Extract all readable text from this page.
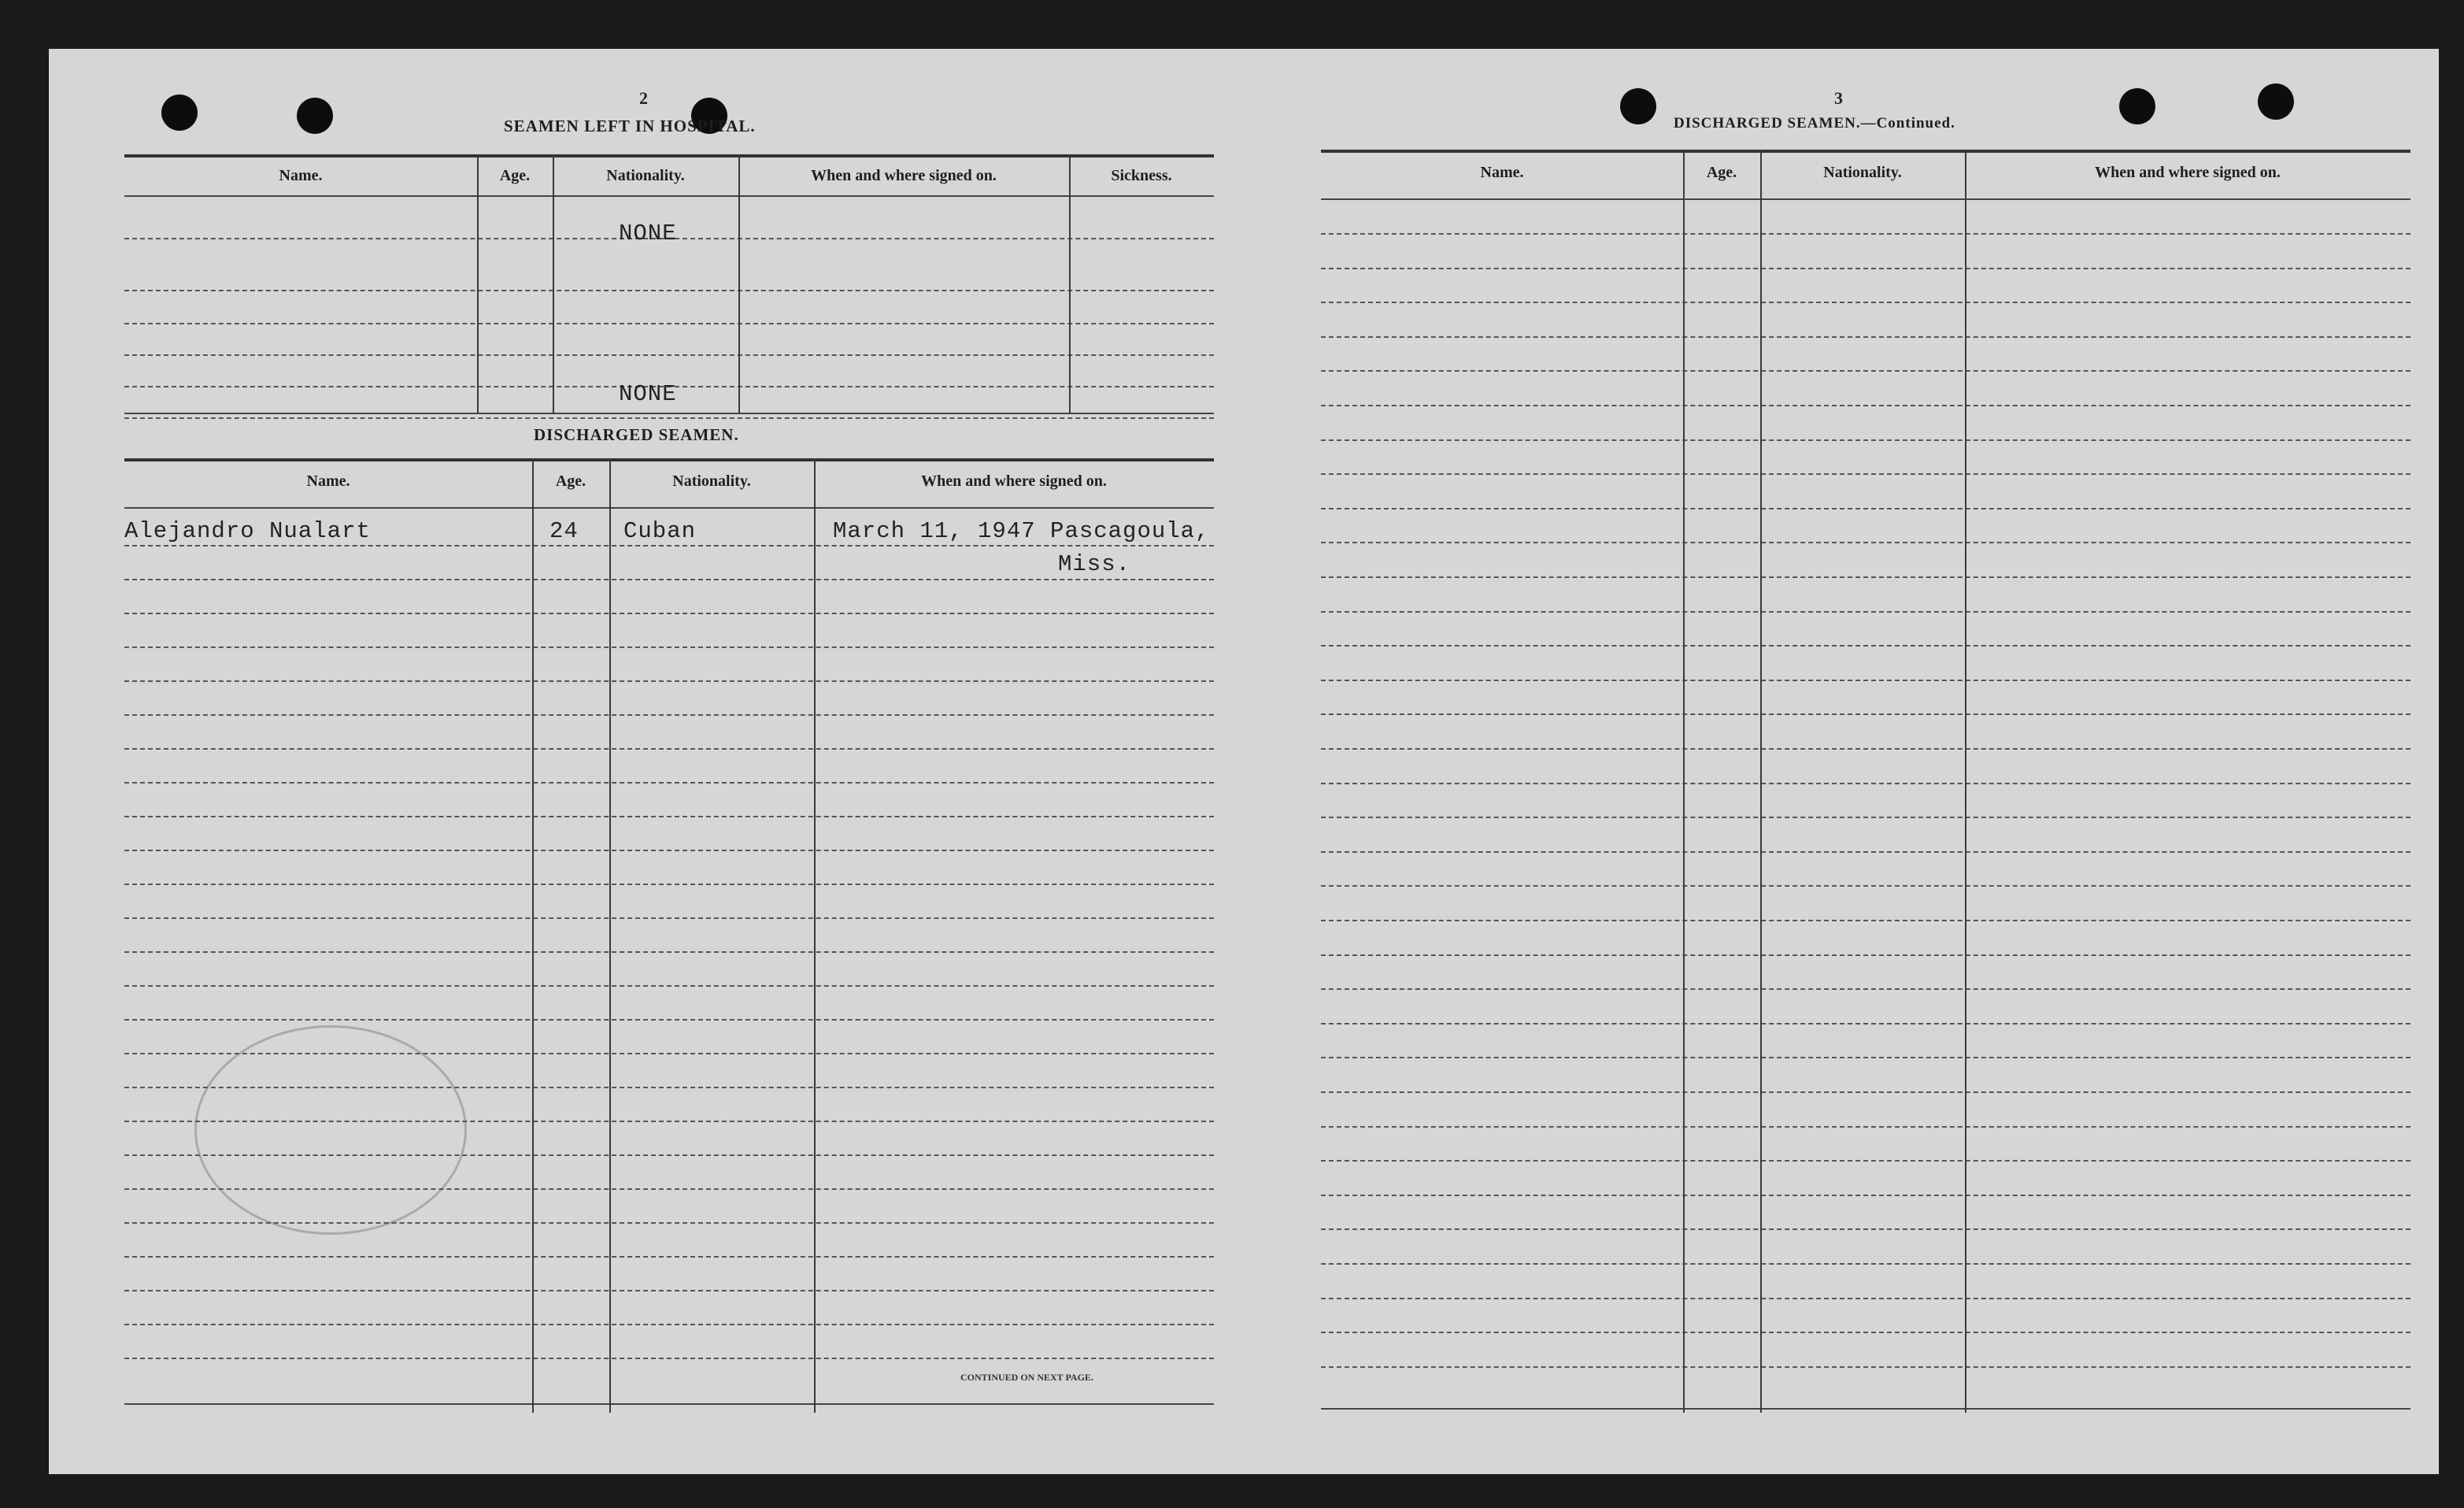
2
SEAMEN LEFT IN HOSPITAL.
Name.	Age.	Nationality.	When and where signed on.	Sickness.
NONE
NONE
DISCHARGED SEAMEN.
Name.	Age.	Nationality.	When and where signed on.
Alejandro Nualart	24 Cuban	March 11, 1947 Pascagoula,
Miss.
CONTINUED ON NEXT PAGE.
3
DISCHARGED SEAMEN.—Continued.
Name.	Age.	Nationality.	When and where signed on.
